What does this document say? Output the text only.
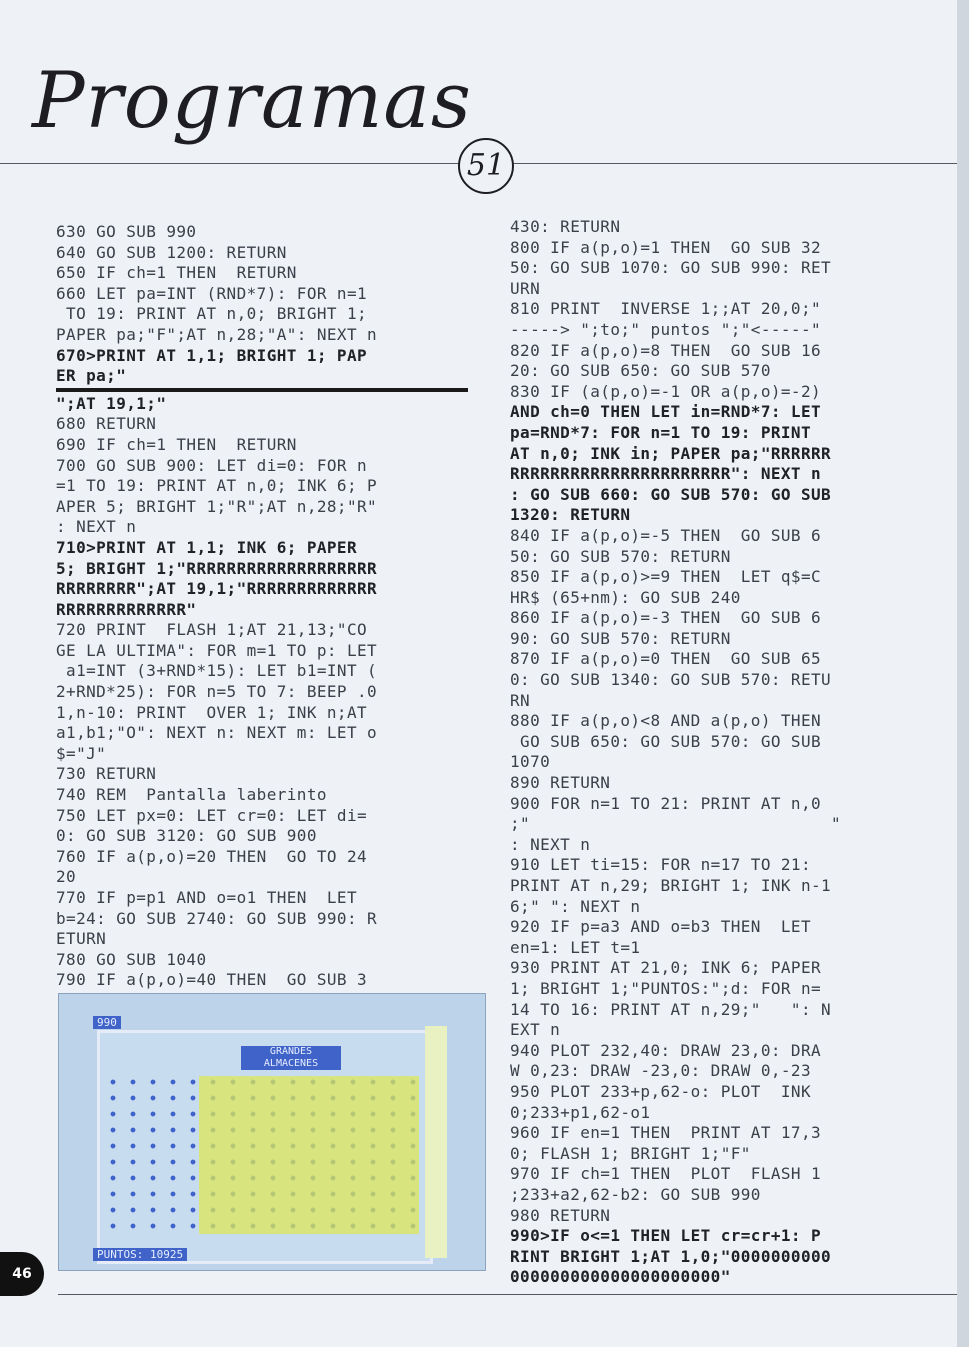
Programas
51
630 GO SUB 990
640 GO SUB 1200: RETURN
650 IF ch=1 THEN  RETURN
660 LET pa=INT (RND*7): FOR n=1
TO 19: PRINT AT n,0; BRIGHT 1;
PAPER pa;"F";AT n,28;"A": NEXT n
670>PRINT AT 1,1; BRIGHT 1; PAP
ER pa;"
";AT 19,1;"
680 RETURN
690 IF ch=1 THEN  RETURN
700 GO SUB 900: LET di=0: FOR n
=1 TO 19: PRINT AT n,0; INK 6; P
APER 5; BRIGHT 1;"R";AT n,28;"R"
: NEXT n
710>PRINT AT 1,1; INK 6; PAPER
5; BRIGHT 1;"RRRRRRRRRRRRRRRRRRR
RRRRRRRR";AT 19,1;"RRRRRRRRRRRRR
RRRRRRRRRRRRR"
720 PRINT  FLASH 1;AT 21,13;"CO
GE LA ULTIMA": FOR m=1 TO p: LET
a1=INT (3+RND*15): LET b1=INT (
2+RND*25): FOR n=5 TO 7: BEEP .0
1,n-10: PRINT  OVER 1; INK n;AT
a1,b1;"O": NEXT n: NEXT m: LET o
$="J"
730 RETURN
740 REM  Pantalla laberinto
750 LET px=0: LET cr=0: LET di=
0: GO SUB 3120: GO SUB 900
760 IF a(p,o)=20 THEN  GO TO 24
20
770 IF p=p1 AND o=o1 THEN  LET
b=24: GO SUB 2740: GO SUB 990: R
ETURN
780 GO SUB 1040
790 IF a(p,o)=40 THEN  GO SUB 3
430: RETURN
800 IF a(p,o)=1 THEN  GO SUB 32
50: GO SUB 1070: GO SUB 990: RET
URN
810 PRINT  INVERSE 1;;AT 20,0;"
-----> ";to;" puntos ";"<-----"
820 IF a(p,o)=8 THEN  GO SUB 16
20: GO SUB 650: GO SUB 570
830 IF (a(p,o)=-1 OR a(p,o)=-2)
AND ch=0 THEN LET in=RND*7: LET
pa=RND*7: FOR n=1 TO 19: PRINT
AT n,0; INK in; PAPER pa;"RRRRRR
RRRRRRRRRRRRRRRRRRRRRR": NEXT n
: GO SUB 660: GO SUB 570: GO SUB
1320: RETURN
840 IF a(p,o)=-5 THEN  GO SUB 6
50: GO SUB 570: RETURN
850 IF a(p,o)>=9 THEN  LET q$=C
HR$ (65+nm): GO SUB 240
860 IF a(p,o)=-3 THEN  GO SUB 6
90: GO SUB 570: RETURN
870 IF a(p,o)=0 THEN  GO SUB 65
0: GO SUB 1340: GO SUB 570: RETU
RN
880 IF a(p,o)<8 AND a(p,o) THEN
GO SUB 650: GO SUB 570: GO SUB
1070
890 RETURN
900 FOR n=1 TO 21: PRINT AT n,0
;"                              "
: NEXT n
910 LET ti=15: FOR n=17 TO 21:
PRINT AT n,29; BRIGHT 1; INK n-1
6;" ": NEXT n
920 IF p=a3 AND o=b3 THEN  LET
en=1: LET t=1
930 PRINT AT 21,0; INK 6; PAPER
1; BRIGHT 1;"PUNTOS:";d: FOR n=
14 TO 16: PRINT AT n,29;"   ": N
EXT n
940 PLOT 232,40: DRAW 23,0: DRA
W 0,23: DRAW -23,0: DRAW 0,-23
950 PLOT 233+p,62-o: PLOT  INK
0;233+p1,62-o1
960 IF en=1 THEN  PRINT AT 17,3
0; FLASH 1; BRIGHT 1;"F"
970 IF ch=1 THEN  PLOT  FLASH 1
;233+a2,62-b2: GO SUB 990
980 RETURN
990>IF o<=1 THEN LET cr=cr+1: P
RINT BRIGHT 1;AT 1,0;"0000000000
000000000000000000000"
990
GRANDES
ALMACENES
PUNTOS: 10925
46
